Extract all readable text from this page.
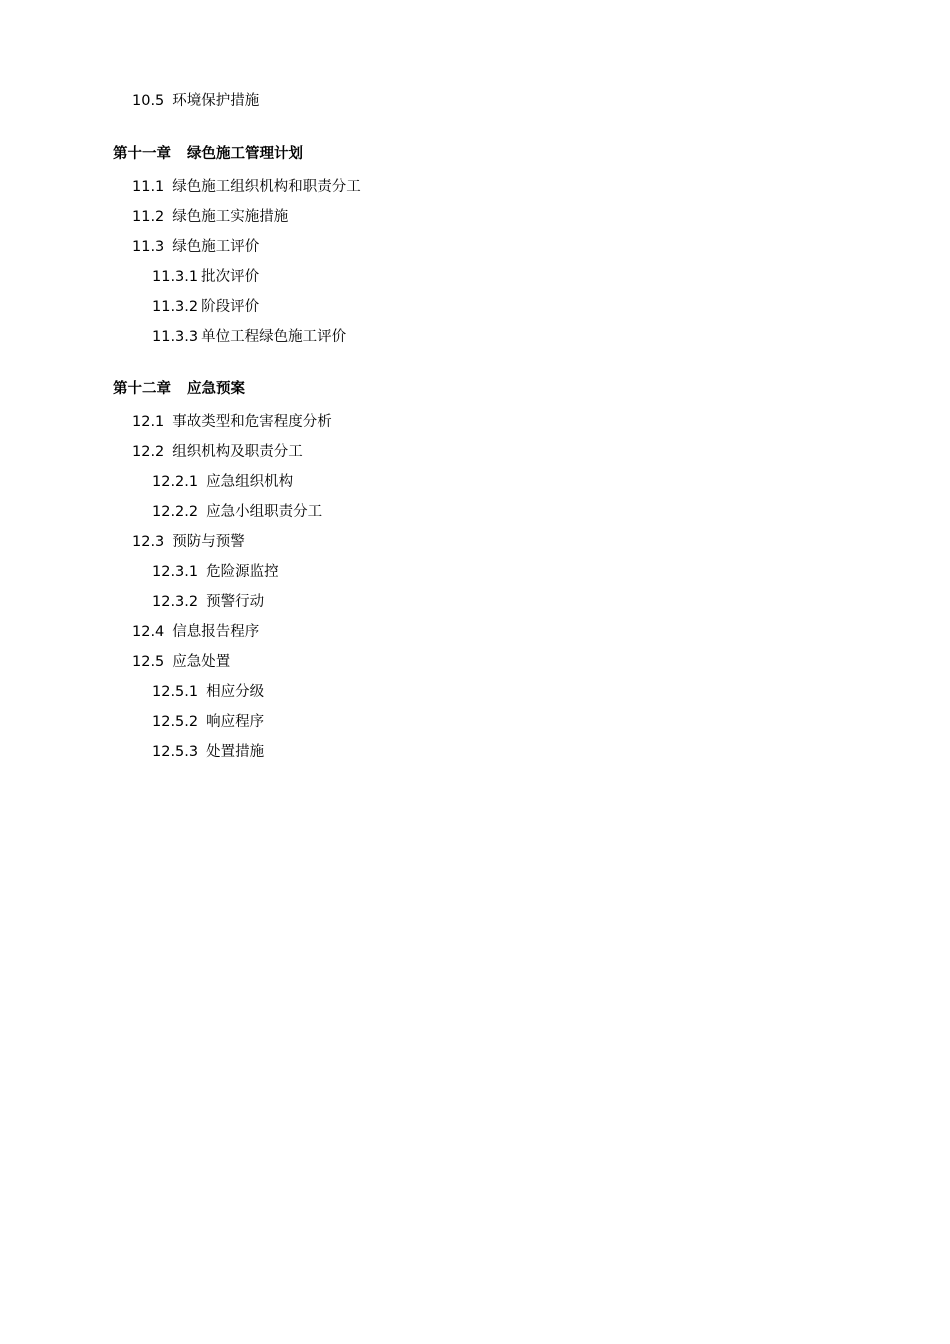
10.5 环境保护措施
第十一章 绿色施工管理计划
11.1 绿色施工组织机构和职责分工
11.2 绿色施工实施措施
11.3 绿色施工评价
11.3.1 批次评价
11.3.2 阶段评价
11.3.3 单位工程绿色施工评价
第十二章 应急预案
12.1 事故类型和危害程度分析
12.2 组织机构及职责分工
12.2.1 应急组织机构
12.2.2 应急小组职责分工
12.3 预防与预警
12.3.1 危险源监控
12.3.2 预警行动
12.4 信息报告程序
12.5 应急处置
12.5.1 相应分级
12.5.2 响应程序
12.5.3 处置措施
